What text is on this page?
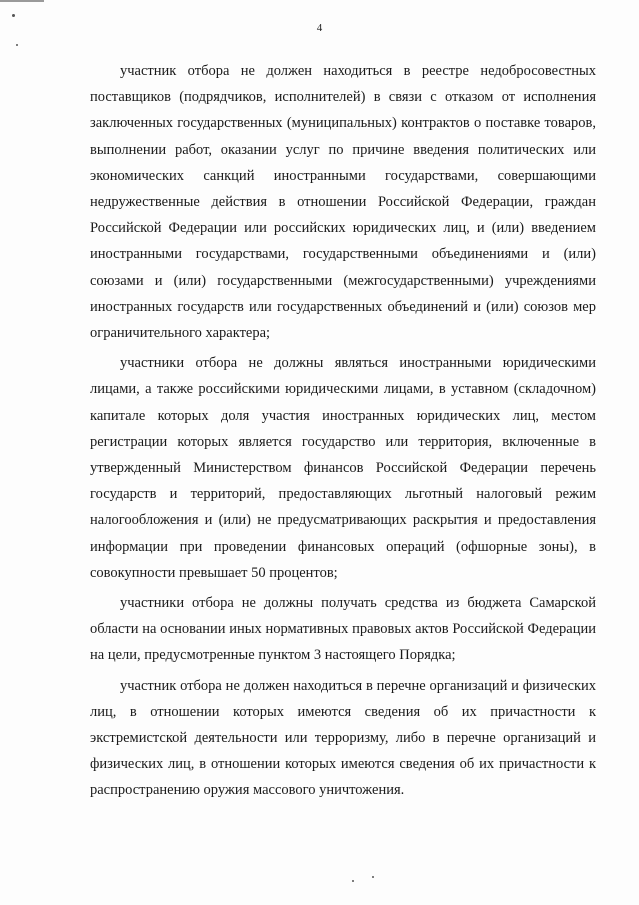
4

участник отбора не должен находиться в реестре недобросовестных поставщиков (подрядчиков, исполнителей) в связи с отказом от исполнения заключенных государственных (муниципальных) контрактов о поставке товаров, выполнении работ, оказании услуг по причине введения политических или экономических санкций иностранными государствами, совершающими недружественные действия в отношении Российской Федерации, граждан Российской Федерации или российских юридических лиц, и (или) введением иностранными государствами, государственными объединениями и (или) союзами и (или) государственными (межгосударственными) учреждениями иностранных государств или государственных объединений и (или) союзов мер ограничительного характера;

участники отбора не должны являться иностранными юридическими лицами, а также российскими юридическими лицами, в уставном (складочном) капитале которых доля участия иностранных юридических лиц, местом регистрации которых является государство или территория, включенные в утвержденный Министерством финансов Российской Федерации перечень государств и территорий, предоставляющих льготный налоговый режим налогообложения и (или) не предусматривающих раскрытия и предоставления информации при проведении финансовых операций (офшорные зоны), в совокупности превышает 50 процентов;

участники отбора не должны получать средства из бюджета Самарской области на основании иных нормативных правовых актов Российской Федерации на цели, предусмотренные пунктом 3 настоящего Порядка;

участник отбора не должен находиться в перечне организаций и физических лиц, в отношении которых имеются сведения об их причастности к экстремистской деятельности или терроризму, либо в перечне организаций и физических лиц, в отношении которых имеются сведения об их причастности к распространению оружия массового уничтожения.
